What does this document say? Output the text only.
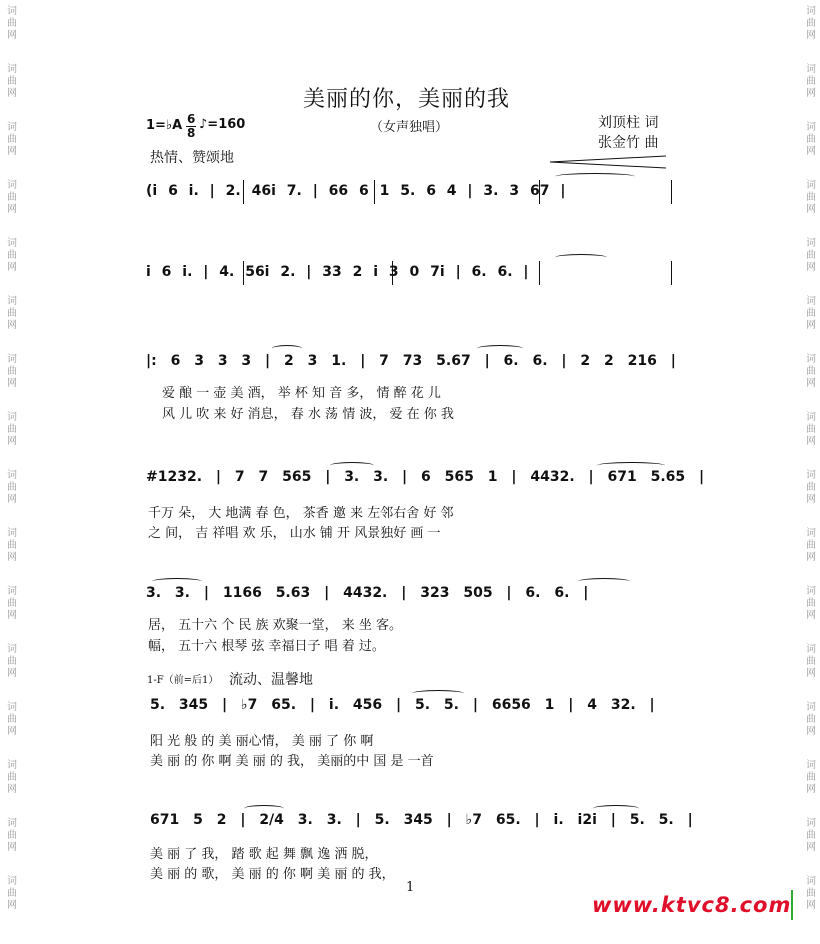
词
曲
网
词
曲
网
词
曲
网
词
曲
网
词
曲
网
词
曲
网
词
曲
网
词
曲
网
词
曲
网
词
曲
网
词
曲
网
词
曲
网
词
曲
网
词
曲
网
词
曲
网
词
曲
网
词
曲
网
词
曲
网
词
曲
网
词
曲
网
词
曲
网
词
曲
网
词
曲
网
词
曲
网
词
曲
网
词
曲
网
词
曲
网
词
曲
网
词
曲
网
词
曲
网
词
曲
网
词
曲
网
美丽的你，美丽的我
（女声独唱）	刘顶柱 词
张金竹 曲
1=♭A 6
8
♪=160
热情、赞颂地
(i 6 i. | 2. 46i 7. | 66 6 1 5. 6 4 | 3. 3 67 |
i 6 i. | 4. 56i 2. | 33 2 i 3 0 7i | 6. 6. |
|: 6 3 3 3 | 2 3 1. | 7 73 5.67 | 6. 6. | 2 2 216 |
爱 酿 一 壶 美 酒， 举 杯 知 音 多， 情 醉 花 儿
风 儿 吹 来 好 消息， 春 水 荡 情 波， 爱 在 你 我
#1232. | 7 7 565 | 3. 3. | 6 565 1 | 4432. | 671 5.65 |
千万 朵， 大 地满 春 色， 茶香 邀 来 左邻右舍 好 邻
之 间， 吉 祥唱 欢 乐， 山水 铺 开 风景独好 画 一
3. 3. | 1166 5.63 | 4432. | 323 505 | 6. 6. |
居， 五十六 个 民 族 欢聚一堂， 来 坐 客。
幅， 五十六 根琴 弦 幸福日子 唱 着 过。
1-F（前=后1） 流动、温馨地
5. 345 | ♭7 65. | i. 456 | 5. 5. | 6656 1 | 4 32. |
阳 光 般 的 美 丽心情， 美 丽 了 你 啊
美 丽 的 你 啊 美 丽 的 我， 美丽的中 国 是 一首
671 5 2 | 2/4 3. 3. | 5. 345 | ♭7 65. | i. i2i | 5. 5. |
美 丽 了 我， 踏 歌 起 舞 飘 逸 洒 脱，
美 丽 的 歌， 美 丽 的 你 啊 美 丽 的 我，
1
www.ktvc8.com
